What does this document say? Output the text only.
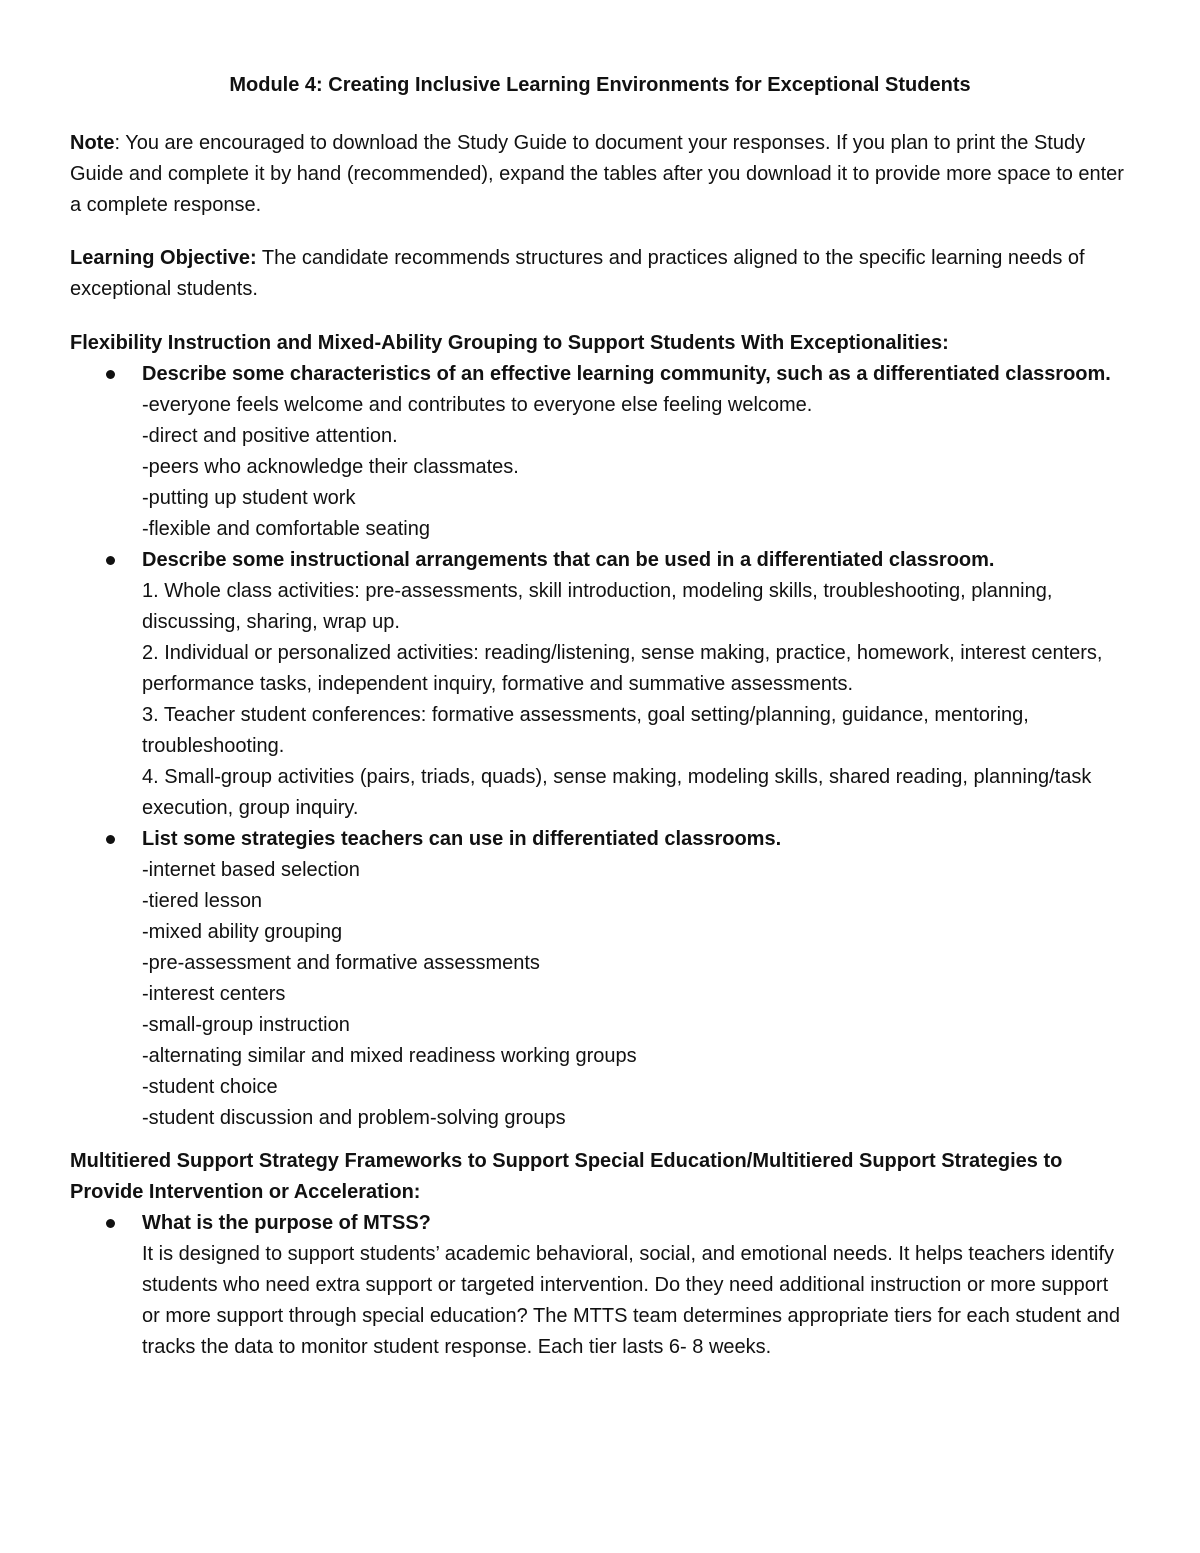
Module 4: Creating Inclusive Learning Environments for Exceptional Students

Note: You are encouraged to download the Study Guide to document your responses. If you plan to print the Study Guide and complete it by hand (recommended), expand the tables after you download it to provide more space to enter a complete response.

Learning Objective: The candidate recommends structures and practices aligned to the specific learning needs of exceptional students.

Flexibility Instruction and Mixed-Ability Grouping to Support Students With Exceptionalities:
Describe some characteristics of an effective learning community, such as a differentiated classroom.
-everyone feels welcome and contributes to everyone else feeling welcome.
-direct and positive attention.
-peers who acknowledge their classmates.
-putting up student work
-flexible and comfortable seating
Describe some instructional arrangements that can be used in a differentiated classroom.
1. Whole class activities: pre-assessments, skill introduction, modeling skills, troubleshooting, planning, discussing, sharing, wrap up.
2. Individual or personalized activities: reading/listening, sense making, practice, homework, interest centers, performance tasks, independent inquiry, formative and summative assessments.
3. Teacher student conferences: formative assessments, goal setting/planning, guidance, mentoring, troubleshooting.
4. Small-group activities (pairs, triads, quads), sense making, modeling skills, shared reading, planning/task execution, group inquiry.
List some strategies teachers can use in differentiated classrooms.
-internet based selection
-tiered lesson
-mixed ability grouping
-pre-assessment and formative assessments
-interest centers
-small-group instruction
-alternating similar and mixed readiness working groups
-student choice
-student discussion and problem-solving groups
Multitiered Support Strategy Frameworks to Support Special Education/Multitiered Support Strategies to Provide Intervention or Acceleration:
What is the purpose of MTSS?
It is designed to support students’ academic behavioral, social, and emotional needs. It helps teachers identify students who need extra support or targeted intervention. Do they need additional instruction or more support or more support through special education? The MTTS team determines appropriate tiers for each student and tracks the data to monitor student response. Each tier lasts 6- 8 weeks.
